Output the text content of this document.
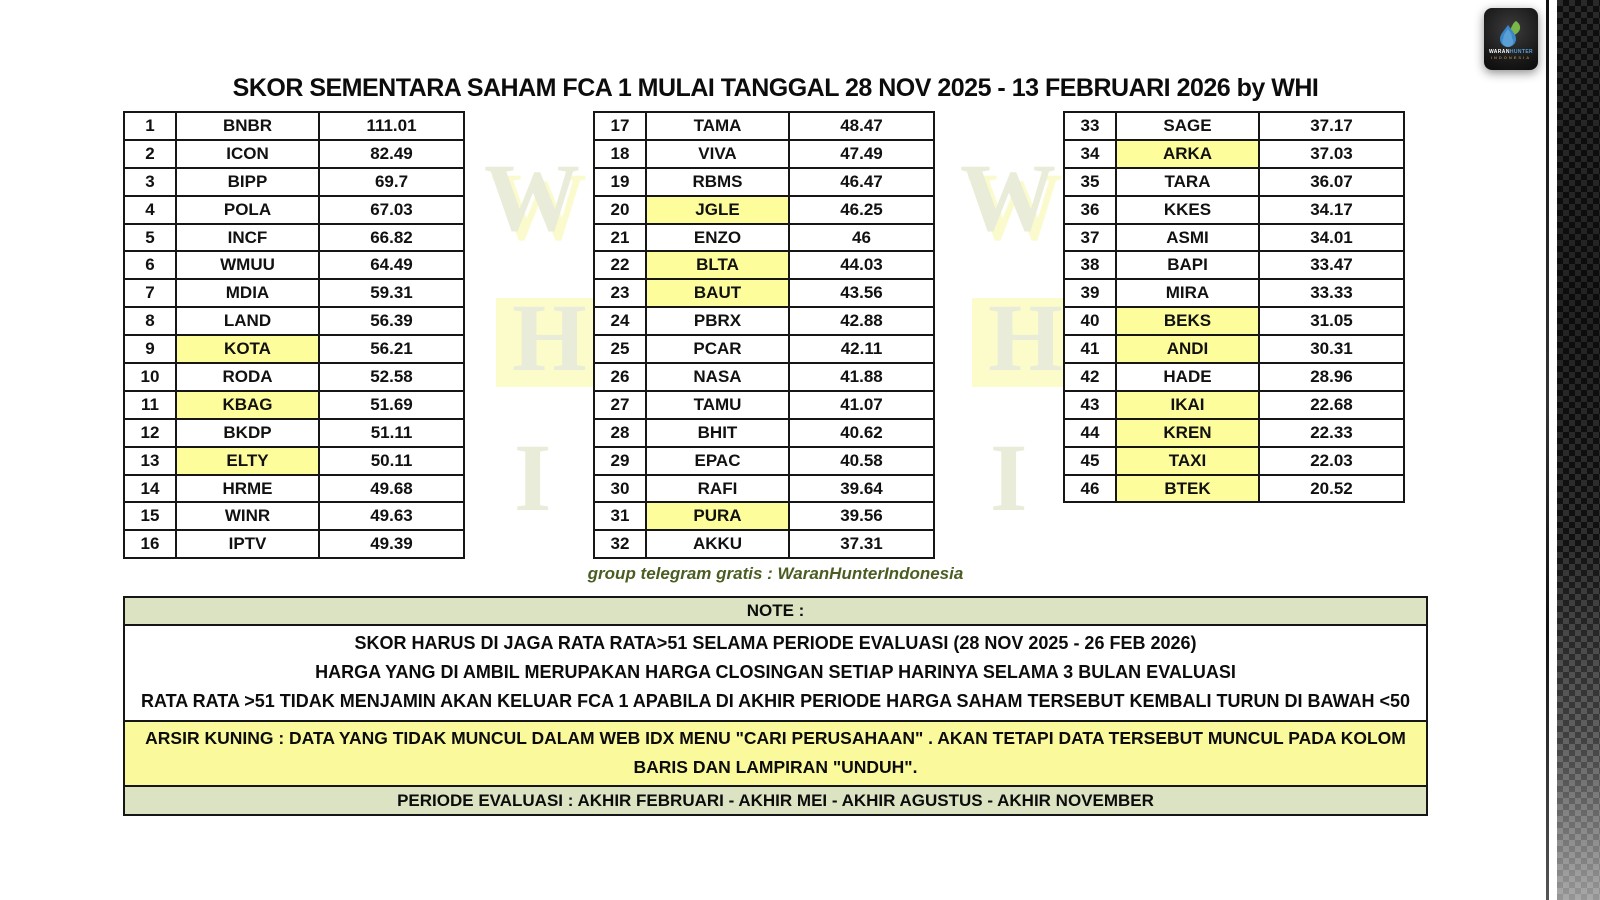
W
H
I
W
H
I
SKOR SEMENTARA SAHAM FCA 1 MULAI TANGGAL 28 NOV 2025 - 13 FEBRUARI 2026 by WHI
1	BNBR	111.01
2	ICON	82.49
3	BIPP	69.7
4	POLA	67.03
5	INCF	66.82
6	WMUU	64.49
7	MDIA	59.31
8	LAND	56.39
9	KOTA	56.21
10	RODA	52.58
11	KBAG	51.69
12	BKDP	51.11
13	ELTY	50.11
14	HRME	49.68
15	WINR	49.63
16	IPTV	49.39
17	TAMA	48.47
18	VIVA	47.49
19	RBMS	46.47
20	JGLE	46.25
21	ENZO	46
22	BLTA	44.03
23	BAUT	43.56
24	PBRX	42.88
25	PCAR	42.11
26	NASA	41.88
27	TAMU	41.07
28	BHIT	40.62
29	EPAC	40.58
30	RAFI	39.64
31	PURA	39.56
32	AKKU	37.31
33	SAGE	37.17
34	ARKA	37.03
35	TARA	36.07
36	KKES	34.17
37	ASMI	34.01
38	BAPI	33.47
39	MIRA	33.33
40	BEKS	31.05
41	ANDI	30.31
42	HADE	28.96
43	IKAI	22.68
44	KREN	22.33
45	TAXI	22.03
46	BTEK	20.52
group telegram gratis : WaranHunterIndonesia
NOTE :
SKOR HARUS DI JAGA RATA RATA>51 SELAMA PERIODE EVALUASI (28 NOV 2025 - 26 FEB 2026)
HARGA YANG DI AMBIL MERUPAKAN HARGA CLOSINGAN SETIAP HARINYA SELAMA 3 BULAN EVALUASI
RATA RATA >51 TIDAK MENJAMIN AKAN KELUAR FCA 1 APABILA DI AKHIR PERIODE HARGA SAHAM TERSEBUT KEMBALI TURUN DI BAWAH <50
ARSIR KUNING : DATA YANG TIDAK MUNCUL DALAM WEB IDX MENU "CARI PERUSAHAAN" . AKAN TETAPI DATA TERSEBUT MUNCUL PADA KOLOM
BARIS DAN LAMPIRAN "UNDUH".
PERIODE EVALUASI : AKHIR FEBRUARI - AKHIR MEI - AKHIR AGUSTUS - AKHIR NOVEMBER
WARANHUNTER
INDONESIA
